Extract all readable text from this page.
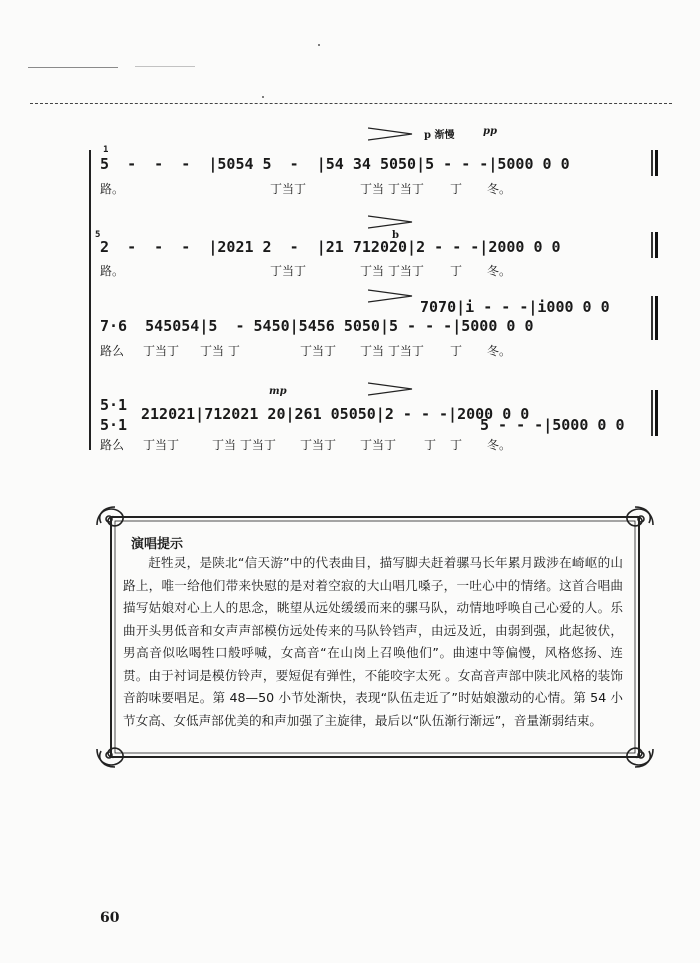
p 渐慢	pp
1
5  -  -  -  |5054 5  -  |54 34 5050|5 - - -|5000 0 0
路。	丁当丁	丁当 丁当丁 丁 冬。
5	b
2  -  -  -  |2021 2  -  |21 712020|2 - - -|2000 0 0
路。	丁当丁	丁当 丁当丁 丁 冬。
7070|i - - -|i000 0 0
7·6  545054|5  - 5450|5456 5050|5 - - -|5000 0 0
路么 丁当丁 丁当 丁	丁当丁 丁当 丁当丁 丁 冬。
mp
5·1 212021|712021 20|261 05050|2 - - -|2000 0 0
5·1	5 - - -|5000 0 0
路么 丁当丁	丁当 丁当丁 丁当丁 丁当丁 丁 丁 冬。
演唱提示

赶牲灵，是陕北“信天游”中的代表曲目，描写脚夫赶着骡马长年累月跋涉在崎岖的山路上，唯一给他们带来快慰的是对着空寂的大山唱几嗓子，一吐心中的情绪。这首合唱曲描写姑娘对心上人的思念，眺望从远处缓缓而来的骡马队，动情地呼唤自己心爱的人。乐曲开头男低音和女声声部模仿远处传来的马队铃铛声，由远及近，由弱到强，此起彼伏，男高音似吆喝牲口般呼喊，女高音“在山岗上召唤他们”。曲速中等偏慢，风格悠扬、连贯。由于衬词是模仿铃声，要短促有弹性，不能咬字太死 。女高音声部中陕北风格的装饰音韵味要唱足。第 48—50 小节处渐快，表现“队伍走近了”时姑娘激动的心情。第 54 小节女高、女低声部优美的和声加强了主旋律，最后以“队伍渐行渐远”，音量渐弱结束。

60
